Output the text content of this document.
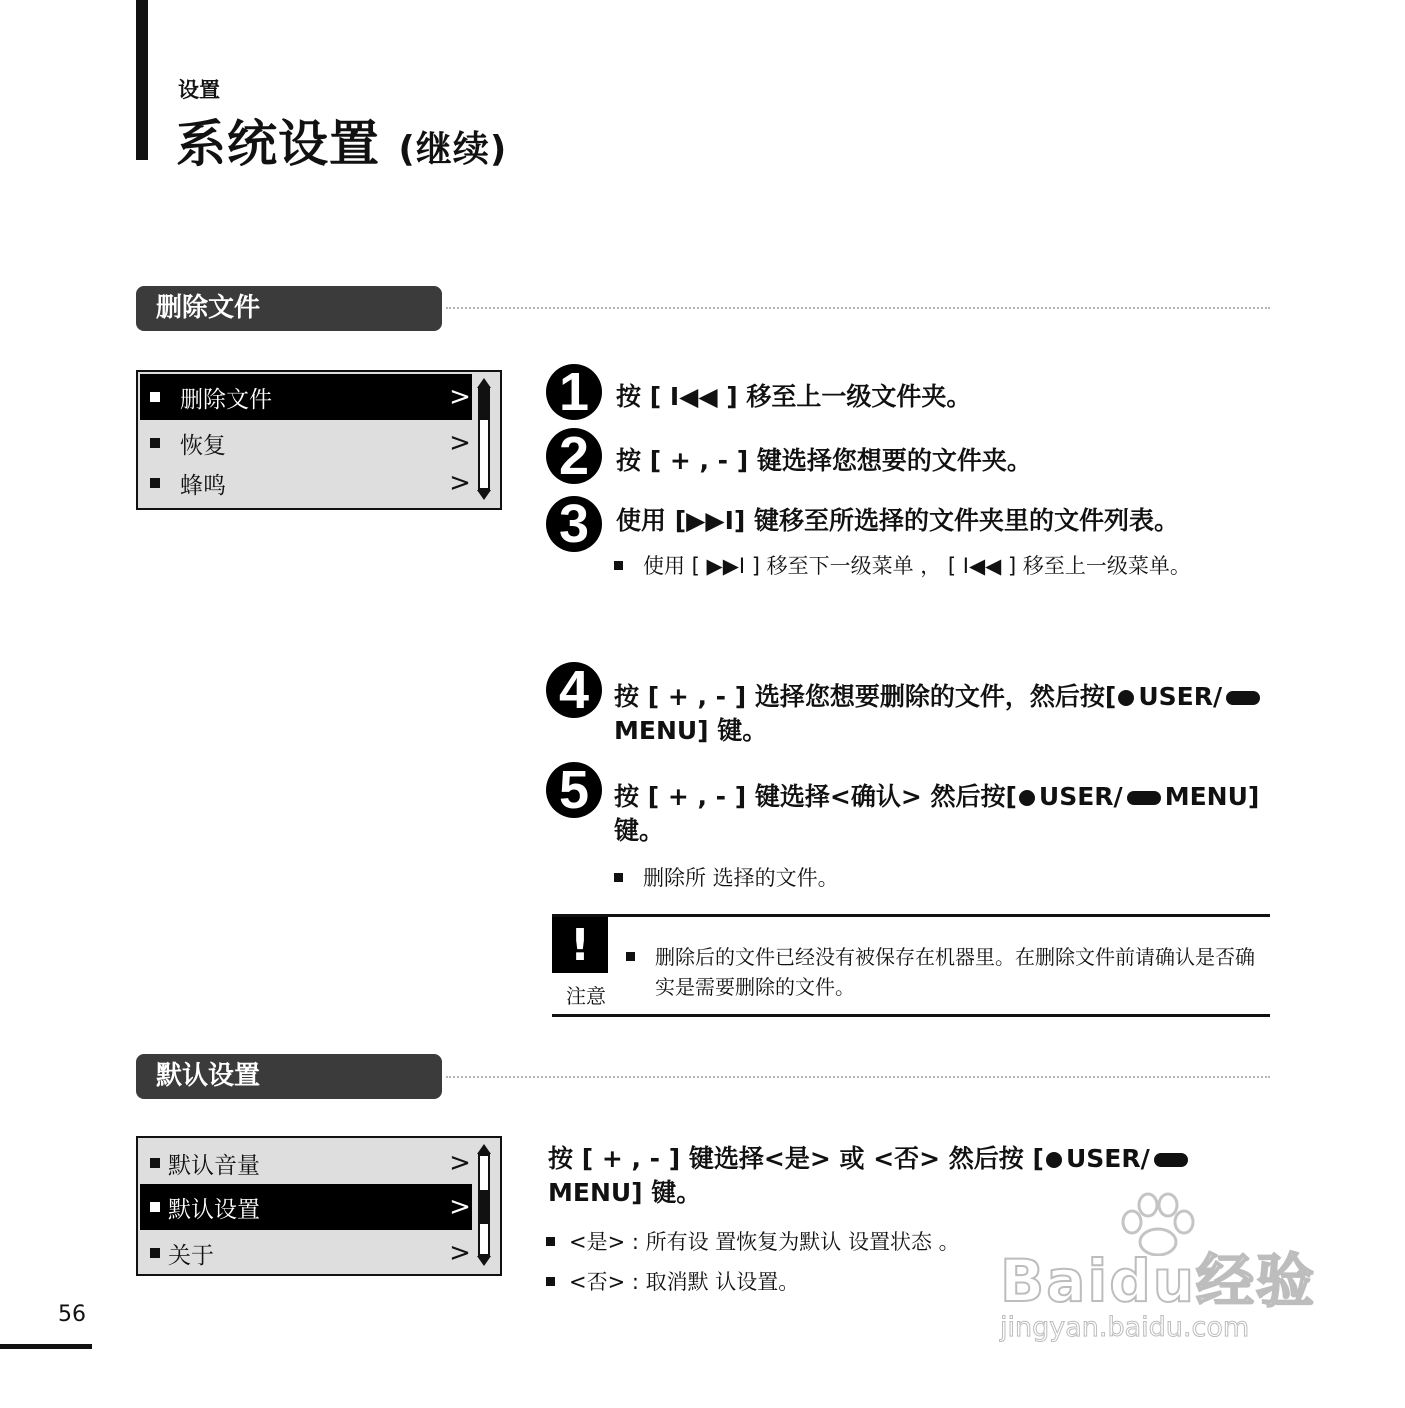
设置
系统设置 (继续)
删除文件
删除文件	>
恢复	>
蜂鸣	>
1	按 [ I◀◀ ] 移至上一级文件夹。
2	按 [ + , - ] 键选择您想要的文件夹。
3	使用 [▶▶I] 键移至所选择的文件夹里的文件列表。
使用 [ ▶▶I ] 移至下一级菜单 ， [ I◀◀ ] 移至上一级菜单。
4 按 [ + , - ] 选择您想要删除的文件，然后按[ USER/MENU] 键。
5 按 [ + , - ] 键选择<确认> 然后按[ USER/ MENU] 键。
删除所 选择的文件。
!
注意
删除后的文件已经没有被保存在机器里。在删除文件前请确认是否确实是需要删除的文件。
默认设置
默认音量	>
默认设置	>
关于	>
按 [ + , - ] 键选择<是> 或 <否> 然后按 [ USER/MENU] 键。
<是> : 所有设 置恢复为默认 设置状态 。
<否> : 取消默 认设置。
56	Baidu经验
jingyan.baidu.com
